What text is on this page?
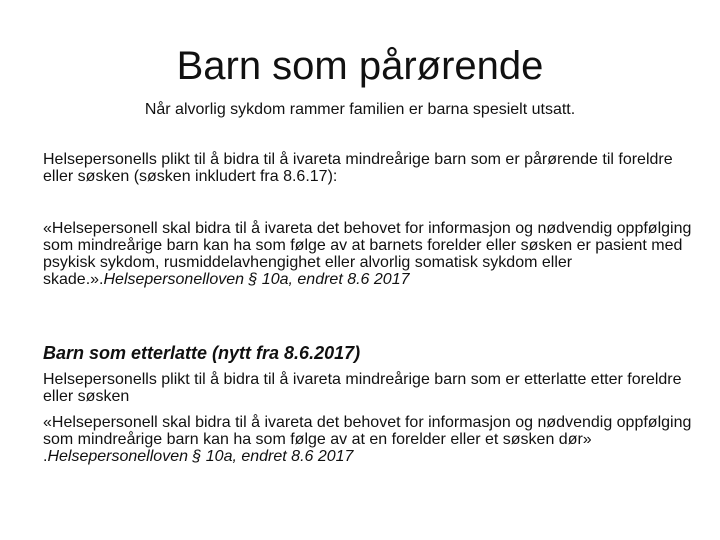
Barn som pårørende

Når alvorlig sykdom rammer familien er barna spesielt utsatt.

Helsepersonells plikt til å bidra til å ivareta mindreårige barn som er pårørende til foreldre eller søsken (søsken inkludert fra 8.6.17):

«Helsepersonell skal bidra til å ivareta det behovet for informasjon og nødvendig oppfølging som mindreårige barn kan ha som følge av at barnets forelder eller søsken er pasient med psykisk sykdom, rusmiddelavhengighet eller alvorlig somatisk sykdom eller skade.».Helsepersonelloven § 10a, endret 8.6 2017

Barn som etterlatte (nytt fra 8.6.2017)

Helsepersonells plikt til å bidra til å ivareta mindreårige barn som er etterlatte etter foreldre eller søsken

«Helsepersonell skal bidra til å ivareta det behovet for informasjon og nødvendig oppfølging som mindreårige barn kan ha som følge av at en forelder eller et søsken dør» .Helsepersonelloven § 10a, endret 8.6 2017
